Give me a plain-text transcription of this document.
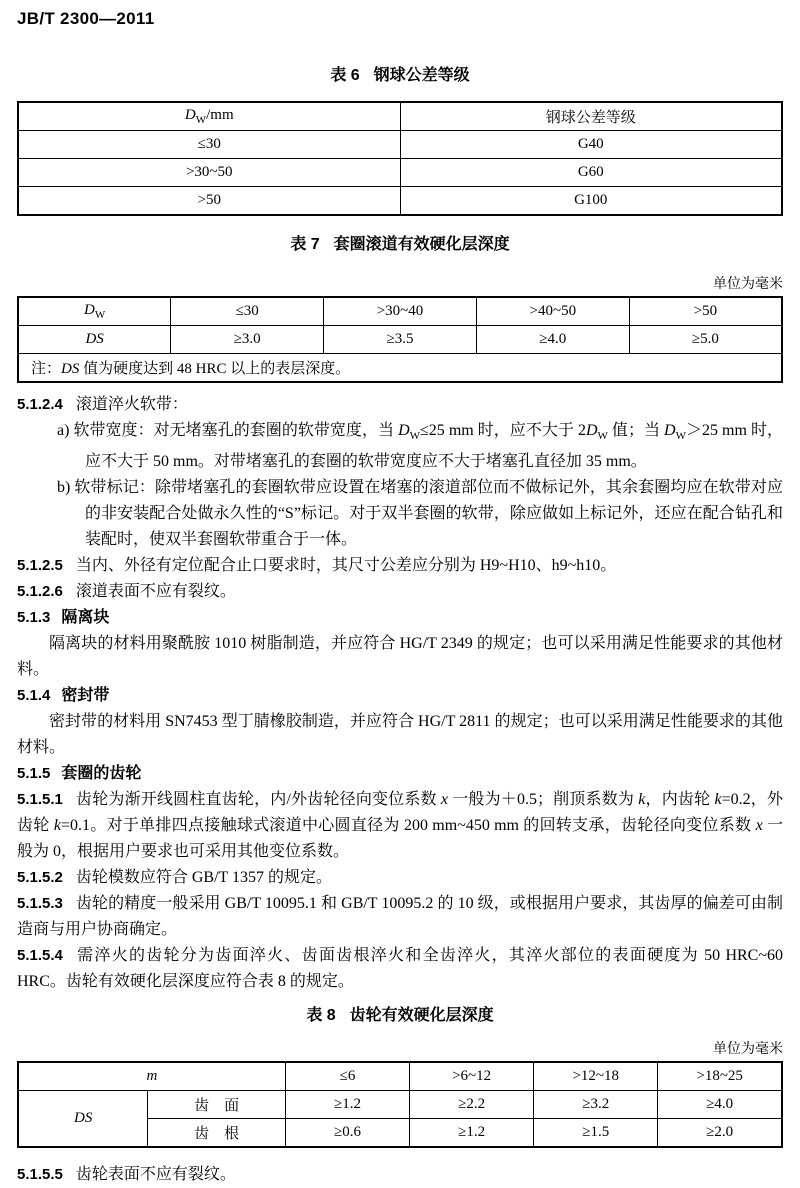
JB/T 2300—2011
表 6 钢球公差等级
$D_W/mm$	钢球公差等级
≤30	G40
>30~50	G60
>50	G100
表 7 套圈滚道有效硬化层深度
单位为毫米
$D_W$	≤30	>30~40	>40~50	>50
DS	≥3.0	≥3.5	≥4.0	≥5.0
注：DS 值为硬度达到 48 HRC 以上的表层深度。				

5.1.2.4 滚道淬火软带：

a) 软带宽度：对无堵塞孔的套圈的软带宽度，当 $D_W\le 25$ mm 时，应不大于 $2D_W$ 值；当 $D_W>25$ mm 时，应不大于 50 mm。对带堵塞孔的套圈的软带宽度应不大于堵塞孔直径加 35 mm。

b) 软带标记：除带堵塞孔的套圈软带应设置在堵塞的滚道部位而不做标记外，其余套圈均应在软带对应的非安装配合处做永久性的“S”标记。对于双半套圈的软带，除应做如上标记外，还应在配合钻孔和装配时，使双半套圈软带重合于一体。

5.1.2.5 当内、外径有定位配合止口要求时，其尺寸公差应分别为 H9~H10、h9~h10。

5.1.2.6 滚道表面不应有裂纹。

5.1.3 隔离块

隔离块的材料用聚酰胺 1010 树脂制造，并应符合 HG/T 2349 的规定；也可以采用满足性能要求的其他材料。

5.1.4 密封带

密封带的材料用 SN7453 型丁腈橡胶制造，并应符合 HG/T 2811 的规定；也可以采用满足性能要求的其他材料。

5.1.5 套圈的齿轮

5.1.5.1 齿轮为渐开线圆柱直齿轮，内/外齿轮径向变位系数 x 一般为＋0.5；削顶系数为 k，内齿轮 k=0.2，外齿轮 k=0.1。对于单排四点接触球式滚道中心圆直径为 200 mm~450 mm 的回转支承，齿轮径向变位系数 x 一般为 0，根据用户要求也可采用其他变位系数。

5.1.5.2 齿轮模数应符合 GB/T 1357 的规定。

5.1.5.3 齿轮的精度一般采用 GB/T 10095.1 和 GB/T 10095.2 的 10 级，或根据用户要求，其齿厚的偏差可由制造商与用户协商确定。

5.1.5.4 需淬火的齿轮分为齿面淬火、齿面齿根淬火和全齿淬火，其淬火部位的表面硬度为 50 HRC~60 HRC。齿轮有效硬化层深度应符合表 8 的规定。

表 8 齿轮有效硬化层深度
单位为毫米
m		≤6	>6~12	>12~18	>18~25
DS	齿　面	≥1.2	≥2.2	≥3.2	≥4.0
	齿　根	≥0.6	≥1.2	≥1.5	≥2.0

5.1.5.5 齿轮表面不应有裂纹。
